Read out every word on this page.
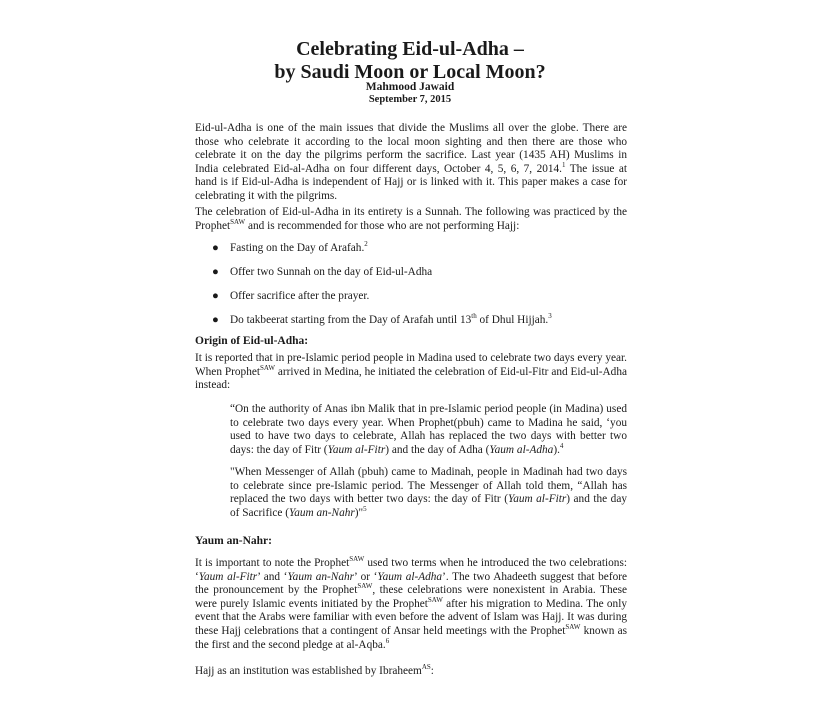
Celebrating Eid-ul-Adha –
by Saudi Moon or Local Moon?
Mahmood Jawaid
September 7, 2015

Eid-ul-Adha is one of the main issues that divide the Muslims all over the globe. There are those who celebrate it according to the local moon sighting and then there are those who celebrate it on the day the pilgrims perform the sacrifice. Last year (1435 AH) Muslims in India celebrated Eid-al-Adha on four different days, October 4, 5, 6, 7, 2014.$^1$ The issue at hand is if Eid-ul-Adha is independent of Hajj or is linked with it. This paper makes a case for celebrating it with the pilgrims.

The celebration of Eid-ul-Adha in its entirety is a Sunnah. The following was practiced by the Prophet$^{SAW}$ and is recommended for those who are not performing Hajj:

● Fasting on the Day of Arafah.$^2$
● Offer two Sunnah on the day of Eid-ul-Adha
● Offer sacrifice after the prayer.
● Do takbeerat starting from the Day of Arafah until 13th of Dhul Hijjah.$^3$
Origin of Eid-ul-Adha:

It is reported that in pre-Islamic period people in Madina used to celebrate two days every year. When Prophet$^{SAW}$ arrived in Medina, he initiated the celebration of Eid-ul-Fitr and Eid-ul-Adha instead:

“On the authority of Anas ibn Malik that in pre-Islamic period people (in Madina) used to celebrate two days every year. When Prophet(pbuh) came to Madina he said, ‘you used to have two days to celebrate, Allah has replaced the two days with better two days: the day of Fitr (Yaum al-Fitr) and the day of Adha (Yaum al-Adha).$^4$

"When Messenger of Allah (pbuh) came to Madinah, people in Madinah had two days to celebrate since pre-Islamic period. The Messenger of Allah told them, “Allah has replaced the two days with better two days: the day of Fitr (Yaum al-Fitr) and the day of Sacrifice (Yaum an-Nahr)"$^5$

Yaum an-Nahr:

It is important to note the Prophet$^{SAW}$ used two terms when he introduced the two celebrations: ‘Yaum al-Fitr’ and ‘Yaum an-Nahr’ or ‘Yaum al-Adha’. The two Ahadeeth suggest that before the pronouncement by the Prophet$^{SAW}$, these celebrations were nonexistent in Arabia. These were purely Islamic events initiated by the Prophet$^{SAW}$ after his migration to Medina. The only event that the Arabs were familiar with even before the advent of Islam was Hajj. It was during these Hajj celebrations that a contingent of Ansar held meetings with the Prophet$^{SAW}$ known as the first and the second pledge at al-Aqba.$^6$

Hajj as an institution was established by Ibraheem$^{AS}$:
